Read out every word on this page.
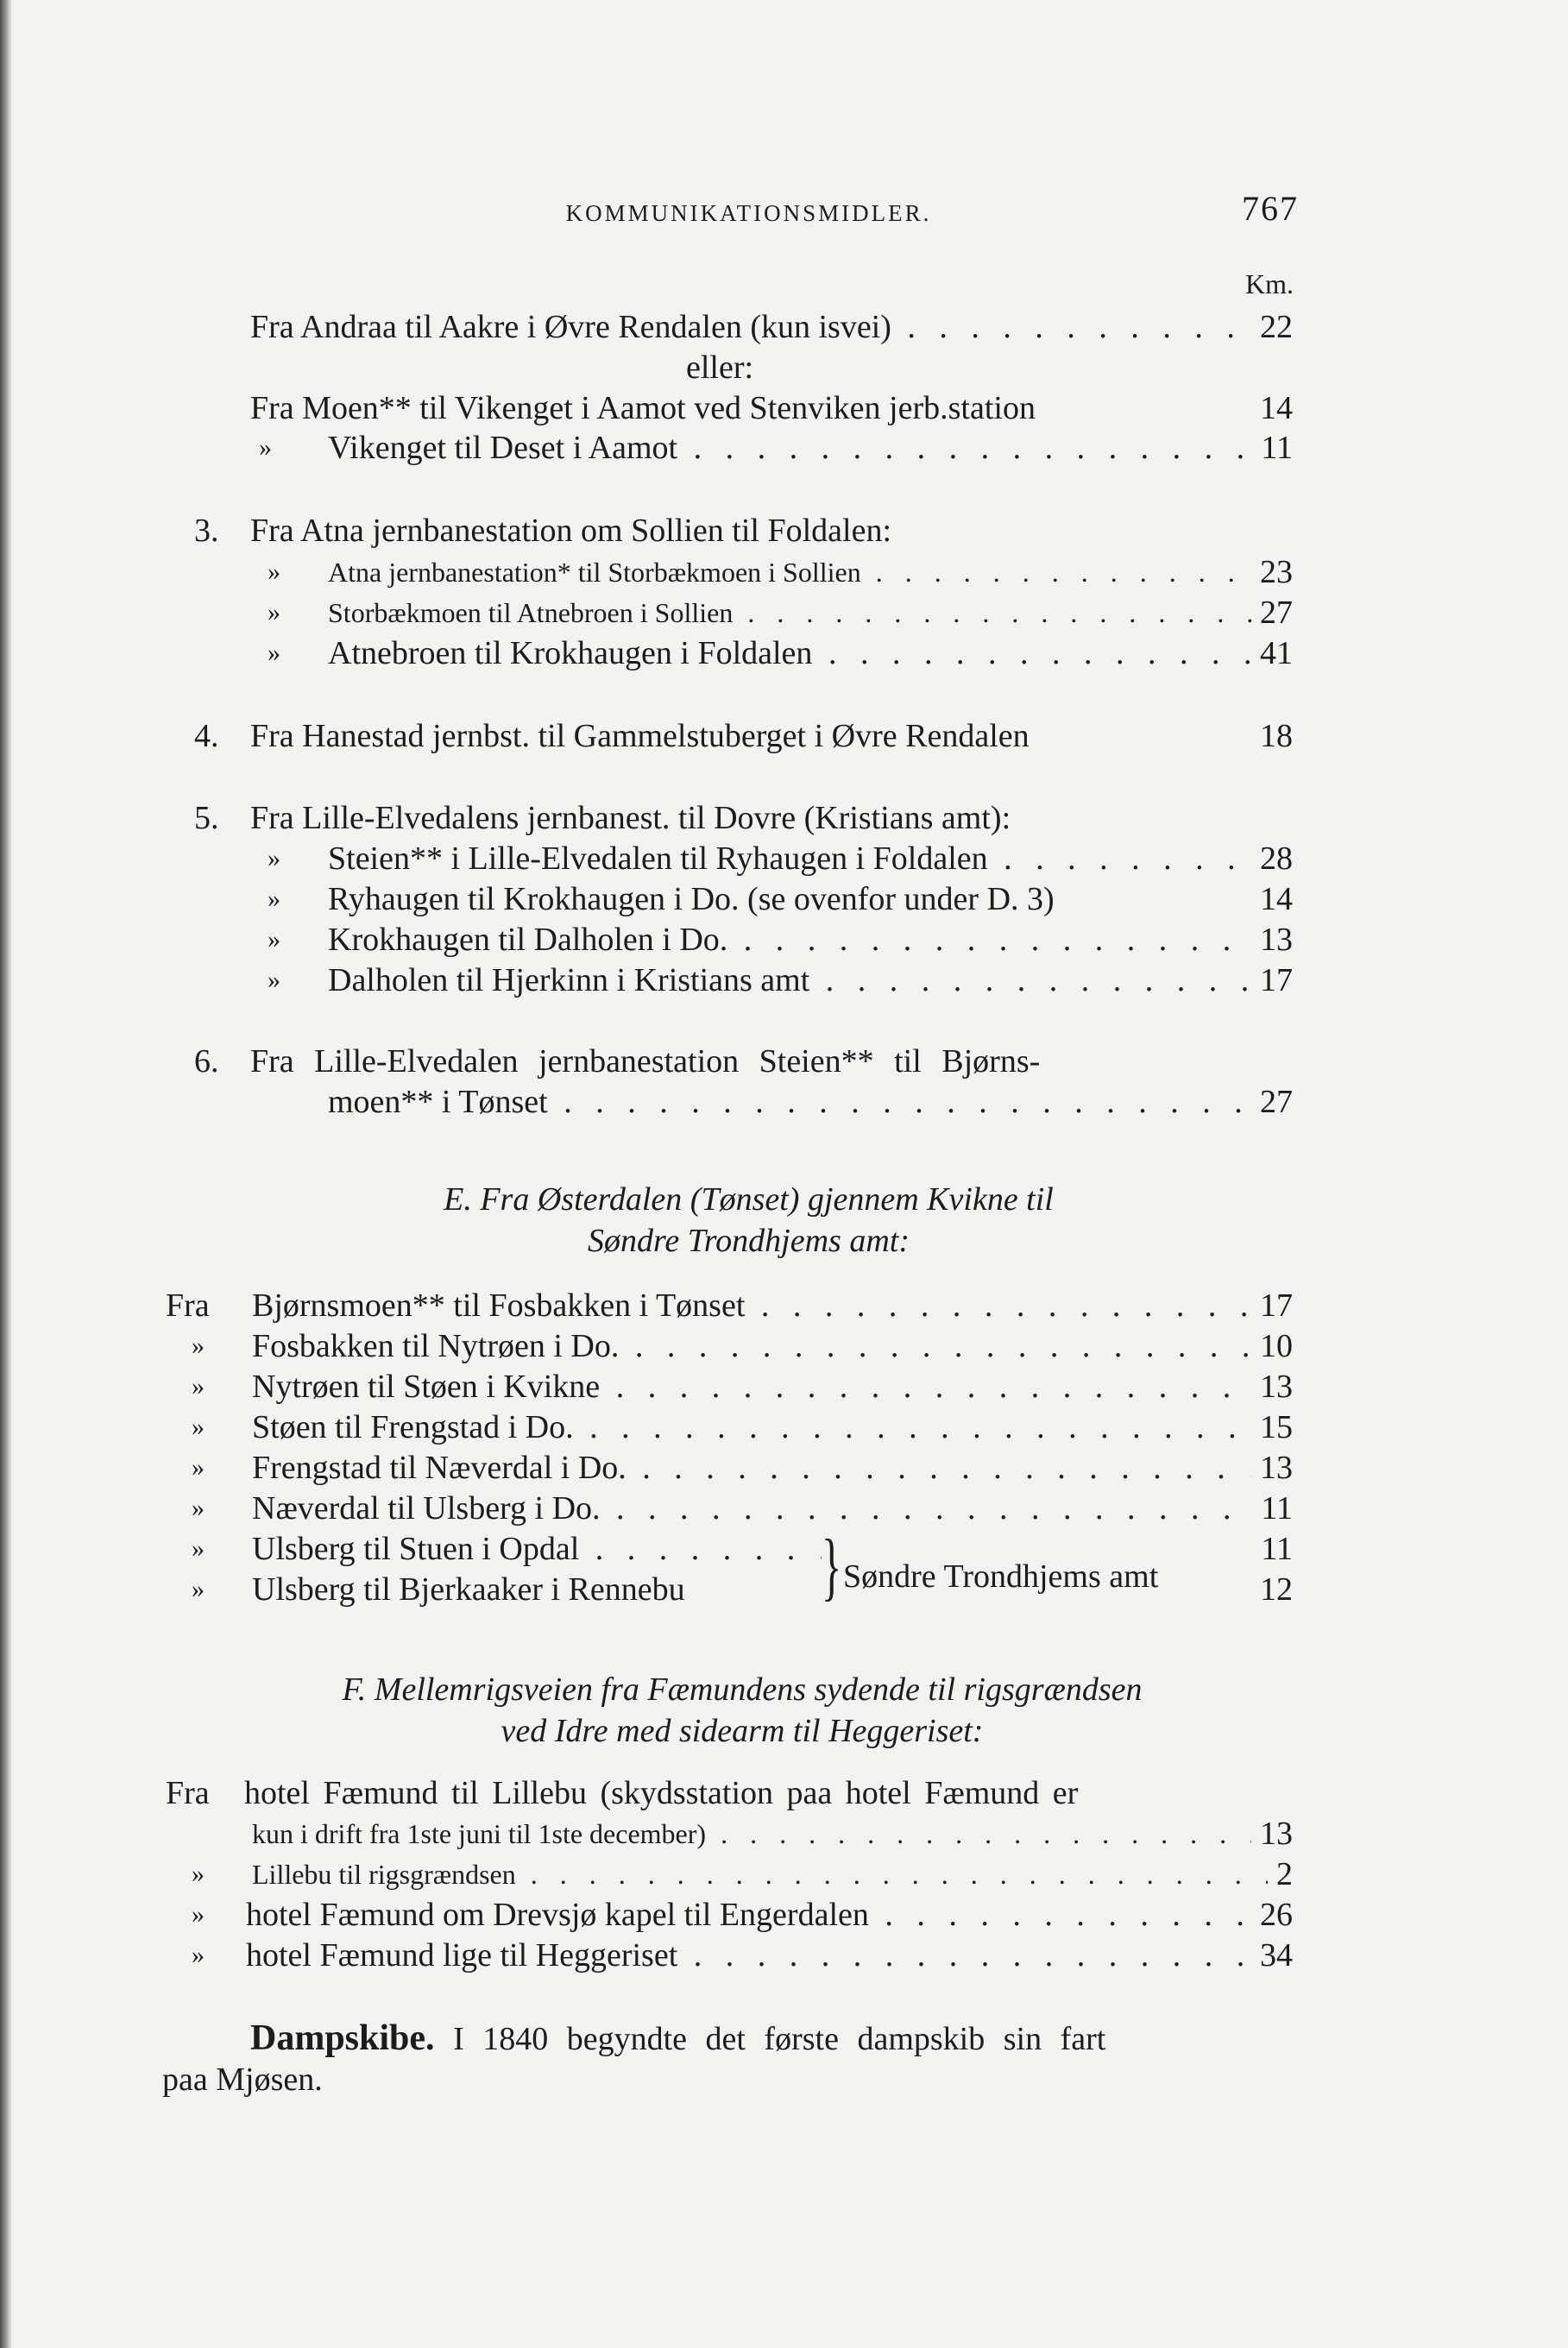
KOMMUNIKATIONSMIDLER.	767
Km.
Fra Andraa til Aakre i Øvre Rendalen (kun isvei) . . .	22
eller:
Fra Moen** til Vikenget i Aamot ved Stenviken jerb.station	14
» Vikenget til Deset i Aamot . . .	11
3. Fra Atna jernbanestation om Sollien til Foldalen:
» Atna jernbanestation* til Storbækmoen i Sollien . . .	23
» Storbækmoen til Atnebroen i Sollien . . .	27
» Atnebroen til Krokhaugen i Foldalen . . .	41
4. Fra Hanestad jernbst. til Gammelstuberget i Øvre Rendalen	18
5. Fra Lille-Elvedalens jernbanest. til Dovre (Kristians amt):
» Steien** i Lille-Elvedalen til Ryhaugen i Foldalen . . .	28
» Ryhaugen til Krokhaugen i Do. (se ovenfor under D. 3)	14
» Krokhaugen til Dalholen i Do. . . .	13
» Dalholen til Hjerkinn i Kristians amt . . .	17
6. Fra Lille-Elvedalen jernbanestation Steien** til Bjørns-
moen** i Tønset . . .	27
E. Fra Østerdalen (Tønset) gjennem Kvikne til
Søndre Trondhjems amt:
Fra Bjørnsmoen** til Fosbakken i Tønset . . .	17
» Fosbakken til Nytrøen i Do. . . .	10
» Nytrøen til Støen i Kvikne . . .	13
» Støen til Frengstad i Do. . . .	15
» Frengstad til Næverdal i Do. . . .	13
» Næverdal til Ulsberg i Do. . . .	11
» Ulsberg til Stuen i Opdal . . .	11
» Ulsberg til Bjerkaaker i Rennebu	12
} Søndre Trondhjems amt
F. Mellemrigsveien fra Fæmundens sydende til rigsgrændsen
ved Idre med sidearm til Heggeriset:
Fra hotel Fæmund til Lillebu (skydsstation paa hotel Fæmund er
kun i drift fra 1ste juni til 1ste december) . . .	13
» Lillebu til rigsgrændsen . . .	2
» hotel Fæmund om Drevsjø kapel til Engerdalen . . .	26
» hotel Fæmund lige til Heggeriset . . .	34
Dampskibe. I 1840 begyndte det første dampskib sin fart
paa Mjøsen.
